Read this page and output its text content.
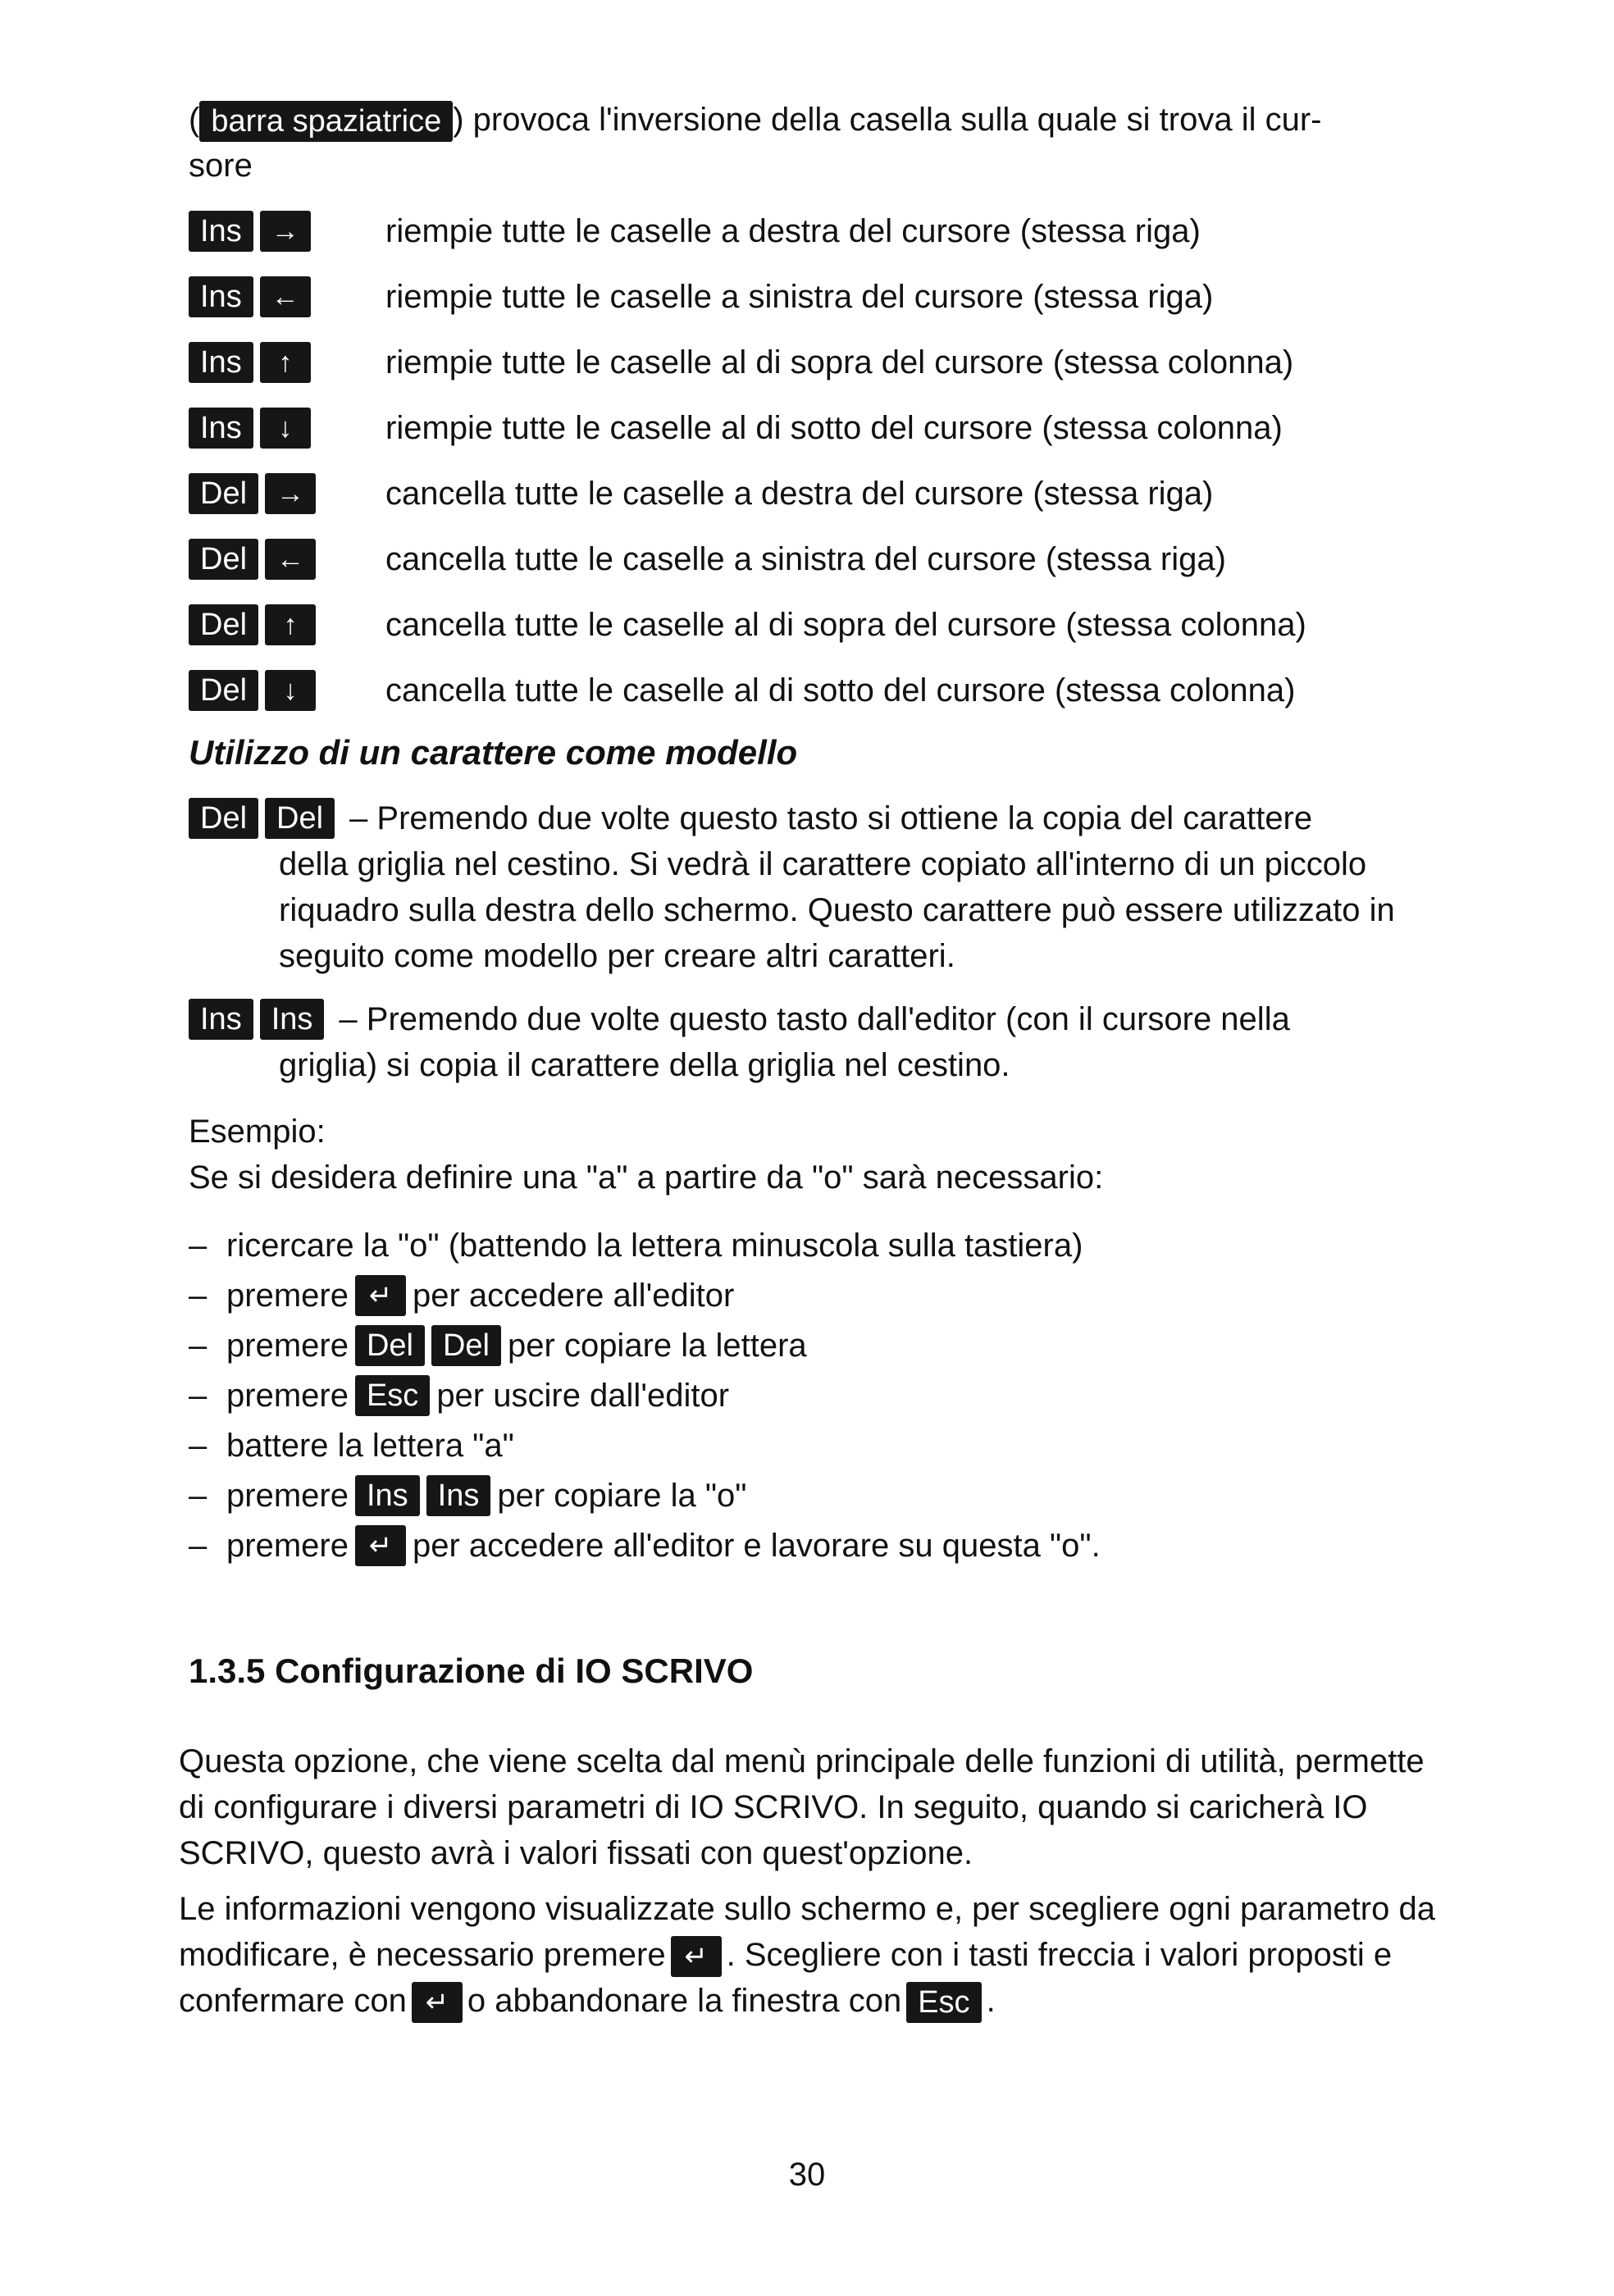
( barra spaziatrice ) provoca l'inversione della casella sulla quale si trova il cur-
sore
Ins	→	riempie tutte le caselle a destra del cursore (stessa riga)
Ins	←	riempie tutte le caselle a sinistra del cursore (stessa riga)
Ins	↑	riempie tutte le caselle al di sopra del cursore (stessa colonna)
Ins	↓	riempie tutte le caselle al di sotto del cursore (stessa colonna)
Del	→	cancella tutte le caselle a destra del cursore (stessa riga)
Del	←	cancella tutte le caselle a sinistra del cursore (stessa riga)
Del	↑	cancella tutte le caselle al di sopra del cursore (stessa colonna)
Del	↓	cancella tutte le caselle al di sotto del cursore (stessa colonna)
Utilizzo di un carattere come modello
Del Del – Premendo due volte questo tasto si ottiene la copia del carattere
della griglia nel cestino. Si vedrà il carattere copiato all'interno di un piccolo riquadro sulla destra dello schermo. Questo carattere può essere utilizzato in seguito come modello per creare altri caratteri.
Ins Ins – Premendo due volte questo tasto dall'editor (con il cursore nella
griglia) si copia il carattere della griglia nel cestino.
Esempio:
Se si desidera definire una "a" a partire da "o" sarà necessario:
– ricercare la "o" (battendo la lettera minuscola sulla tastiera)
– premere ↵ per accedere all'editor
– premere Del Del per copiare la lettera
– premere Esc per uscire dall'editor
– battere la lettera "a"
– premere Ins Ins per copiare la "o"
– premere ↵ per accedere all'editor e lavorare su questa "o".
1.3.5 Configurazione di IO SCRIVO
Questa opzione, che viene scelta dal menù principale delle funzioni di utilità, permette di configurare i diversi parametri di IO SCRIVO. In seguito, quando si caricherà IO SCRIVO, questo avrà i valori fissati con quest'opzione.
Le informazioni vengono visualizzate sullo schermo e, per scegliere ogni parametro da modificare, è necessario premere ↵ . Scegliere con i tasti freccia i valori proposti e confermare con ↵ o abbandonare la finestra con Esc .
30
